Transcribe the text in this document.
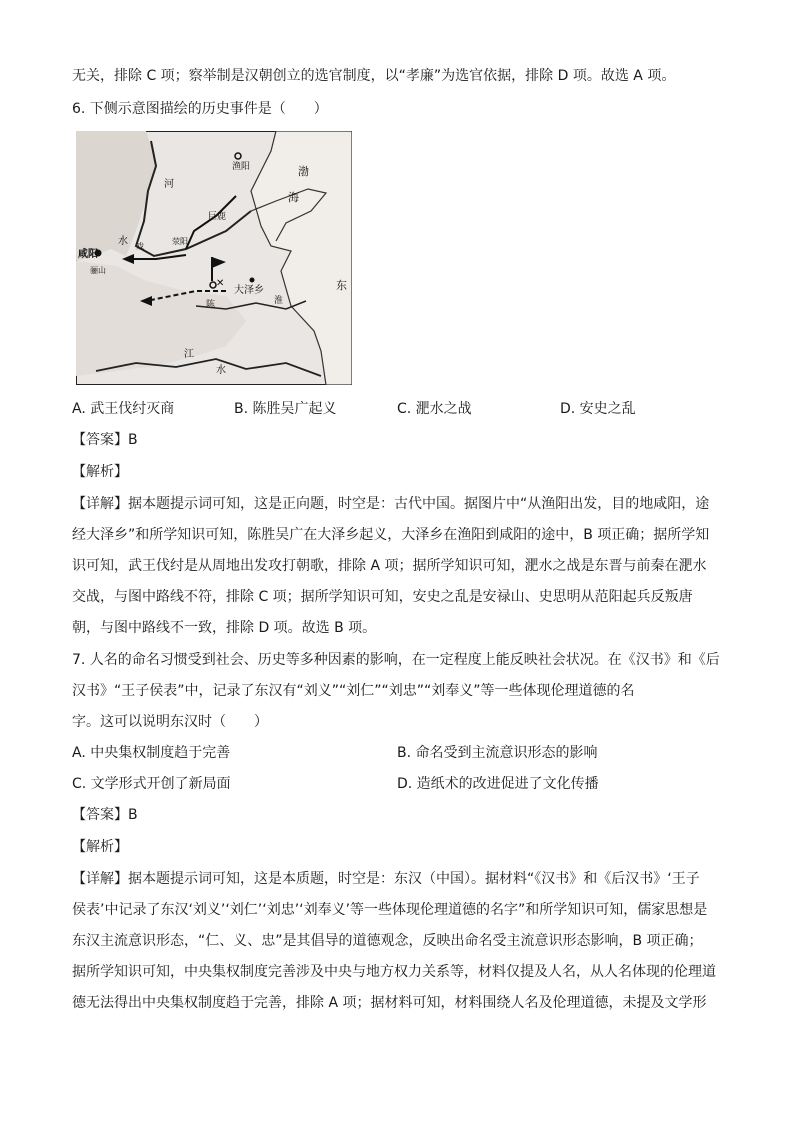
无关，排除 C 项；察举制是汉朝创立的选官制度，以“孝廉”为选官依据，排除 D 项。故选 A 项。
6. 下侧示意图描绘的历史事件是（　　）
✕
渔阳	渤
海
河
水
巨鹿
咸阳
骊山
戏
荥阳
陈
大泽乡
淮
东
江
水
A. 武王伐纣灭商	B. 陈胜吴广起义	C. 淝水之战	D. 安史之乱
【答案】B
【解析】
【详解】据本题提示词可知，这是正向题，时空是：古代中国。据图片中“从渔阳出发，目的地咸阳，途
经大泽乡”和所学知识可知，陈胜吴广在大泽乡起义，大泽乡在渔阳到咸阳的途中，B 项正确；据所学知
识可知，武王伐纣是从周地出发攻打朝歌，排除 A 项；据所学知识可知，淝水之战是东晋与前秦在淝水
交战，与图中路线不符，排除 C 项；据所学知识可知，安史之乱是安禄山、史思明从范阳起兵反叛唐
朝，与图中路线不一致，排除 D 项。故选 B 项。
7. 人名的命名习惯受到社会、历史等多种因素的影响，在一定程度上能反映社会状况。在《汉书》和《后
汉书》“王子侯表”中，记录了东汉有“刘义”“刘仁”“刘忠”“刘奉义”等一些体现伦理道德的名
字。这可以说明东汉时（　　）
A. 中央集权制度趋于完善	B. 命名受到主流意识形态的影响
C. 文学形式开创了新局面	D. 造纸术的改进促进了文化传播
【答案】B
【解析】
【详解】据本题提示词可知，这是本质题，时空是：东汉（中国）。据材料“《汉书》和《后汉书》‘王子
侯表’中记录了东汉‘刘义’‘刘仁’‘刘忠’‘刘奉义’等一些体现伦理道德的名字”和所学知识可知，儒家思想是
东汉主流意识形态，“仁、义、忠”是其倡导的道德观念，反映出命名受主流意识形态影响，B 项正确；
据所学知识可知，中央集权制度完善涉及中央与地方权力关系等，材料仅提及人名，从人名体现的伦理道
德无法得出中央集权制度趋于完善，排除 A 项；据材料可知，材料围绕人名及伦理道德，未提及文学形
